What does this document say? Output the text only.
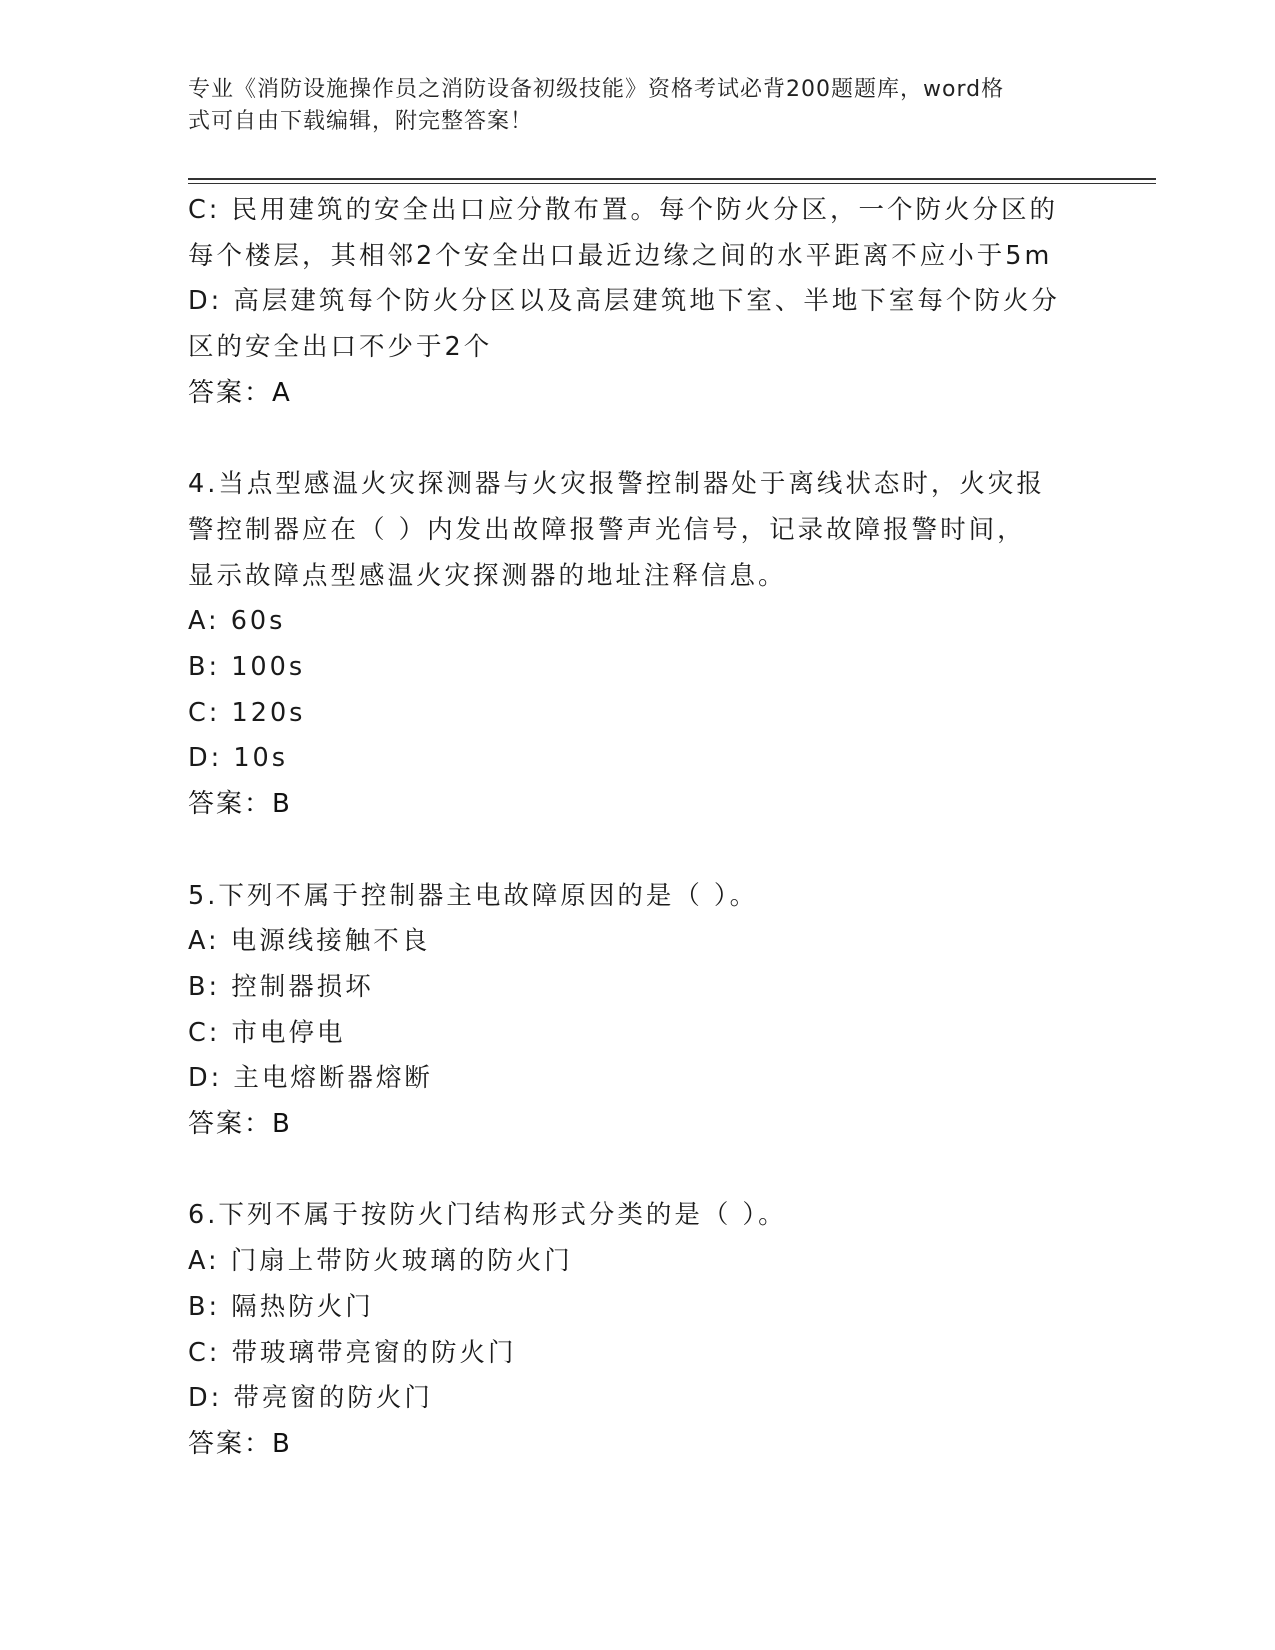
专业《消防设施操作员之消防设备初级技能》资格考试必背200题题库，word格
式可自由下载编辑，附完整答案！
C: 民用建筑的安全出口应分散布置。每个防火分区，一个防火分区的
每个楼层，其相邻2个安全出口最近边缘之间的水平距离不应小于5m
D: 高层建筑每个防火分区以及高层建筑地下室、半地下室每个防火分
区的安全出口不少于2个
答案：A
4.当点型感温火灾探测器与火灾报警控制器处于离线状态时，火灾报
警控制器应在（ ）内发出故障报警声光信号，记录故障报警时间，
显示故障点型感温火灾探测器的地址注释信息。
A: 60s
B: 100s
C: 120s
D: 10s
答案：B
5.下列不属于控制器主电故障原因的是（ ）。
A: 电源线接触不良
B: 控制器损坏
C: 市电停电
D: 主电熔断器熔断
答案：B
6.下列不属于按防火门结构形式分类的是（ ）。
A: 门扇上带防火玻璃的防火门
B: 隔热防火门
C: 带玻璃带亮窗的防火门
D: 带亮窗的防火门
答案：B
